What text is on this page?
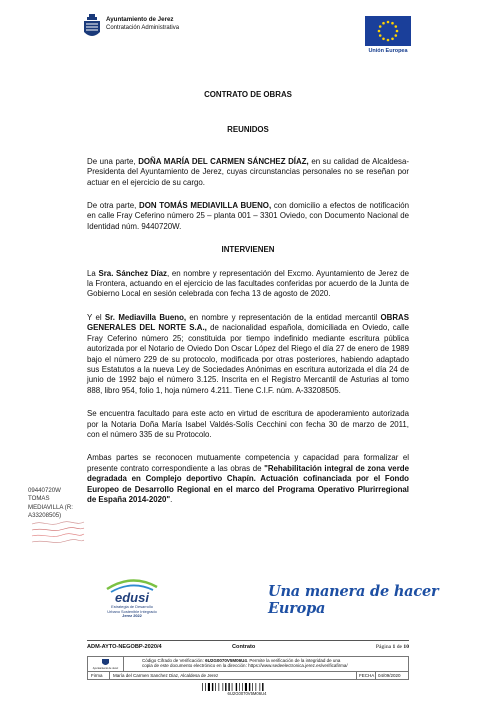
Ayuntamiento de Jerez
Contratación Administrativa
Unión Europea
CONTRATO DE OBRAS
REUNIDOS

De una parte, DOÑA MARÍA DEL CARMEN SÁNCHEZ DÍAZ, en su calidad de Alcaldesa-Presidenta del Ayuntamiento de Jerez, cuyas circunstancias personales no se reseñan por actuar en el ejercicio de su cargo.

De otra parte, DON TOMÁS MEDIAVILLA BUENO, con domicilio a efectos de notificación en calle Fray Ceferino número 25 – planta 001 – 3301 Oviedo, con Documento Nacional de Identidad núm. 9440720W.

INTERVIENEN

La Sra. Sánchez Díaz, en nombre y representación del Excmo. Ayuntamiento de Jerez de la Frontera, actuando en el ejercicio de las facultades conferidas por acuerdo de la Junta de Gobierno Local en sesión celebrada con fecha 13 de agosto de 2020.

Y el Sr. Mediavilla Bueno, en nombre y representación de la entidad mercantil OBRAS GENERALES DEL NORTE S.A., de nacionalidad española, domiciliada en Oviedo, calle Fray Ceferino número 25; constituida por tiempo indefinido mediante escritura pública autorizada por el Notario de Oviedo Don Oscar López del Riego el día 27 de enero de 1989 bajo el número 229 de su protocolo, modificada por otras posteriores, habiendo adaptado sus Estatutos a la nueva Ley de Sociedades Anónimas en escritura autorizada el día 24 de junio de 1992 bajo el número 3.125. Inscrita en el Registro Mercantil de Asturias al tomo 888, libro 954, folio 1, hoja número 4.211. Tiene C.I.F. núm. A-33208505.

Se encuentra facultado para este acto en virtud de escritura de apoderamiento autorizada por la Notaria Doña María Isabel Valdés-Solís Cecchini con fecha 30 de marzo de 2011, con el número 335 de su Protocolo.

Ambas partes se reconocen mutuamente competencia y capacidad para formalizar el presente contrato correspondiente a las obras de "Rehabilitación integral de zona verde degradada en Complejo deportivo Chapín. Actuación cofinanciada por el Fondo Europeo de Desarrollo Regional en el marco del Programa Operativo Plurirregional de España 2014-2020".

09440720W
TOMAS
MEDIAVILLA (R:
A33208505)
edusi
Estrategia de Desarrollo
Urbano Sostenible Integrado
Jerez 2022
Una manera de hacer Europa
ADM-AYTO-NEGOBP-2020/4	Contrato	Página 1 de 10
Ayuntamiento de Jerez
Código Cifrado de Verificación: 6U2G0070V5M06U4. Permite la verificación de la integridad de una
copia de este documento electrónico en la dirección: https://www.sedeelectronica.jerez.es/verificafirma/
Firma	María del Carmen Sanchez Diaz, Alcaldesa de Jerez	FECHA 04/09/2020
6U2G0070V5M06U4
